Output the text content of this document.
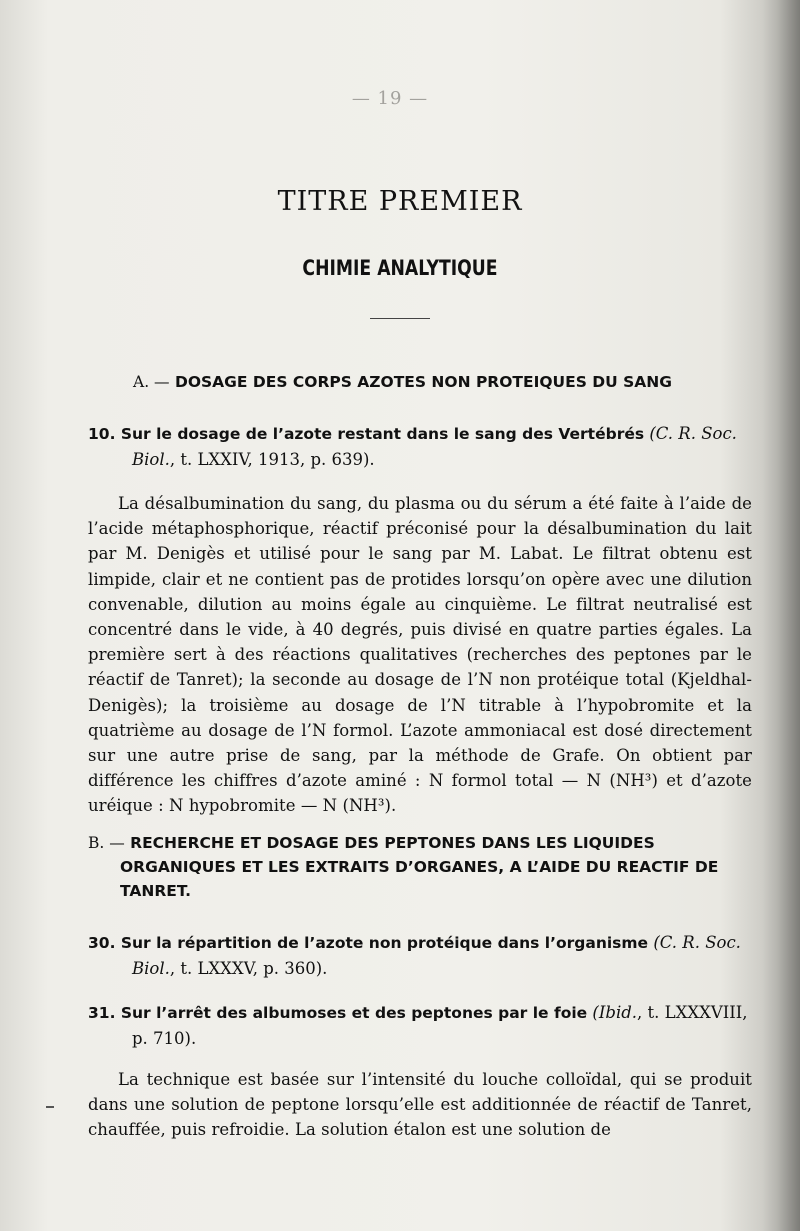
— 19 —
TITRE PREMIER
CHIMIE ANALYTIQUE
A. — DOSAGE DES CORPS AZOTES NON PROTEIQUES DU SANG
10. Sur le dosage de l’azote restant dans le sang des Vertébrés (C. R. Soc.
Biol., t. LXXIV, 1913, p. 639).
La désalbumination du sang, du plasma ou du sérum a été faite à l’aide de l’acide métaphosphorique, réactif préconisé pour la désalbumination du lait par M. Denigès et utilisé pour le sang par M. Labat. Le filtrat obtenu est limpide, clair et ne contient pas de protides lorsqu’on opère avec une dilution convenable, dilution au moins égale au cinquième. Le filtrat neutralisé est concentré dans le vide, à 40 degrés, puis divisé en quatre parties égales. La première sert à des réactions qualitatives (recherches des peptones par le réactif de Tanret); la seconde au dosage de l’N non protéique total (Kjeldhal-Denigès); la troisième au dosage de l’N titrable à l’hypobromite et la quatrième au dosage de l’N formol. L’azote ammoniacal est dosé directement sur une autre prise de sang, par la méthode de Grafe. On obtient par différence les chiffres d’azote aminé : N formol total — N (NH³) et d’azote uréique : N hypobromite — N (NH³).
B. — RECHERCHE ET DOSAGE DES PEPTONES DANS LES LIQUIDES
ORGANIQUES ET LES EXTRAITS D’ORGANES, A L’AIDE DU REACTIF DE
TANRET.
30. Sur la répartition de l’azote non protéique dans l’organisme (C. R. Soc.
Biol., t. LXXXV, p. 360).
31. Sur l’arrêt des albumoses et des peptones par le foie (Ibid., t. LXXXVIII,
p. 710).
La technique est basée sur l’intensité du louche colloïdal, qui se produit dans une solution de peptone lorsqu’elle est additionnée de réactif de Tanret, chauffée, puis refroidie. La solution étalon est une solution de
